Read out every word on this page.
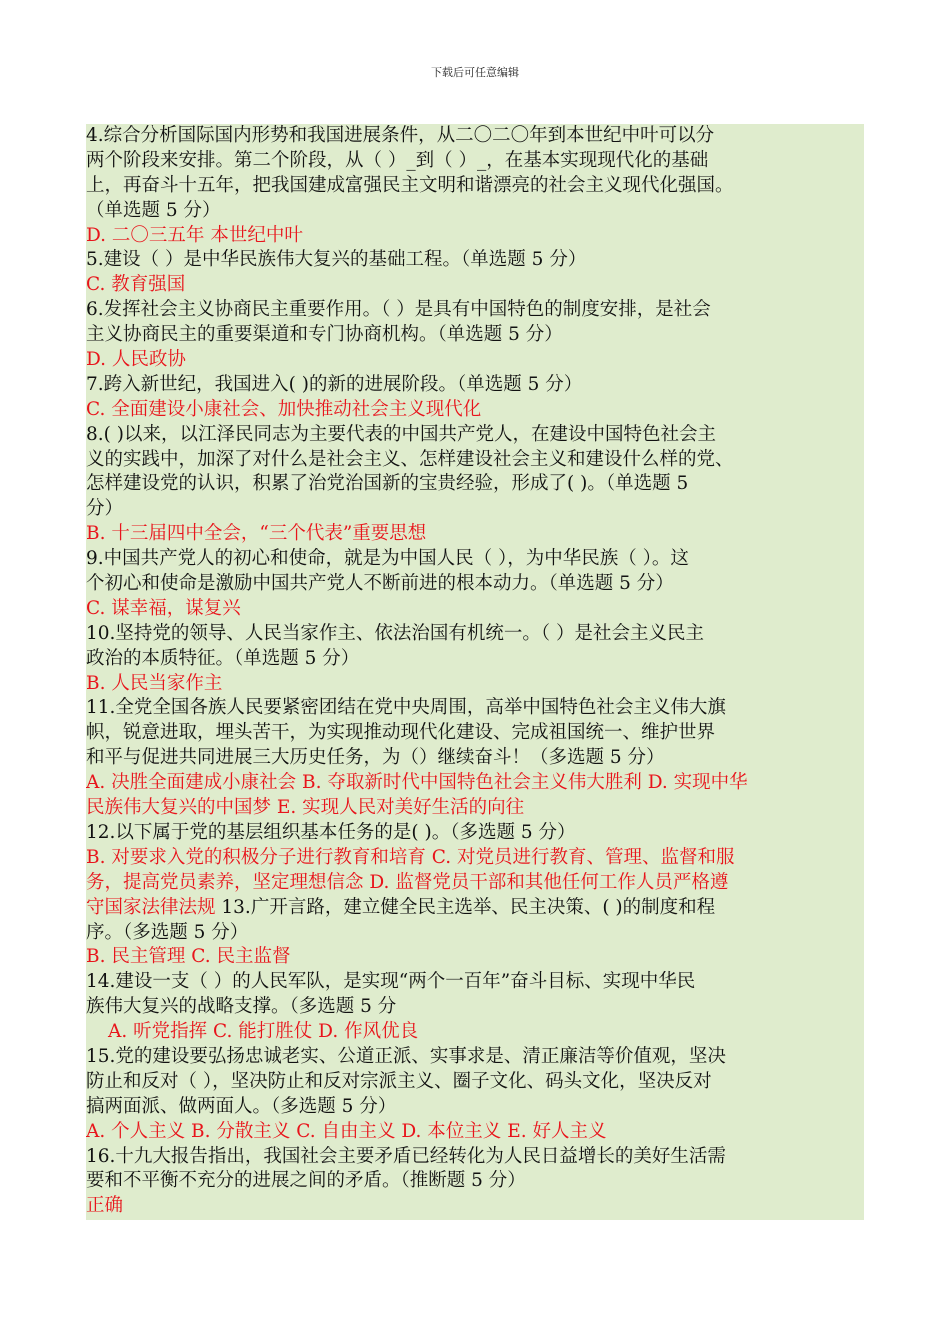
下载后可任意编辑
4.综合分析国际国内形势和我国进展条件，从二〇二〇年到本世纪中叶可以分
两个阶段来安排。第二个阶段，从（ ）_到（ ）_，在基本实现现代化的基础
上，再奋斗十五年，把我国建成富强民主文明和谐漂亮的社会主义现代化强国。
（单选题 5 分）
D. 二〇三五年 本世纪中叶
5.建设（ ）是中华民族伟大复兴的基础工程。（单选题 5 分）
C. 教育强国
6.发挥社会主义协商民主重要作用。（ ）是具有中国特色的制度安排，是社会
主义协商民主的重要渠道和专门协商机构。（单选题 5 分）
D. 人民政协
7.跨入新世纪，我国进入( )的新的进展阶段。（单选题 5 分）
C. 全面建设小康社会、加快推动社会主义现代化
8.( )以来，以江泽民同志为主要代表的中国共产党人，在建设中国特色社会主
义的实践中，加深了对什么是社会主义、怎样建设社会主义和建设什么样的党、
怎样建设党的认识，积累了治党治国新的宝贵经验，形成了( )。（单选题 5
分）
B. 十三届四中全会，“三个代表”重要思想
9.中国共产党人的初心和使命，就是为中国人民（ ），为中华民族（ ）。这
个初心和使命是激励中国共产党人不断前进的根本动力。（单选题 5 分）
C. 谋幸福，谋复兴
10.坚持党的领导、人民当家作主、依法治国有机统一。（ ）是社会主义民主
政治的本质特征。（单选题 5 分）
B. 人民当家作主
11.全党全国各族人民要紧密团结在党中央周围，高举中国特色社会主义伟大旗
帜，锐意进取，埋头苦干，为实现推动现代化建设、完成祖国统一、维护世界
和平与促进共同进展三大历史任务，为（）继续奋斗！（多选题 5 分）
A. 决胜全面建成小康社会 B. 夺取新时代中国特色社会主义伟大胜利 D. 实现中华
民族伟大复兴的中国梦 E. 实现人民对美好生活的向往
12.以下属于党的基层组织基本任务的是( )。（多选题 5 分）
B. 对要求入党的积极分子进行教育和培育 C. 对党员进行教育、管理、监督和服
务，提高党员素养，坚定理想信念 D. 监督党员干部和其他任何工作人员严格遵
守国家法律法规 13.广开言路，建立健全民主选举、民主决策、( )的制度和程
序。（多选题 5 分）
B. 民主管理 C. 民主监督
14.建设一支（ ）的人民军队，是实现“两个一百年”奋斗目标、实现中华民
族伟大复兴的战略支撑。（多选题 5 分
A. 听党指挥 C. 能打胜仗 D. 作风优良
15.党的建设要弘扬忠诚老实、公道正派、实事求是、清正廉洁等价值观，坚决
防止和反对（ ），坚决防止和反对宗派主义、圈子文化、码头文化，坚决反对
搞两面派、做两面人。（多选题 5 分）
A. 个人主义 B. 分散主义 C. 自由主义 D. 本位主义 E. 好人主义
16.十九大报告指出，我国社会主要矛盾已经转化为人民日益增长的美好生活需
要和不平衡不充分的进展之间的矛盾。（推断题 5 分）
正确
